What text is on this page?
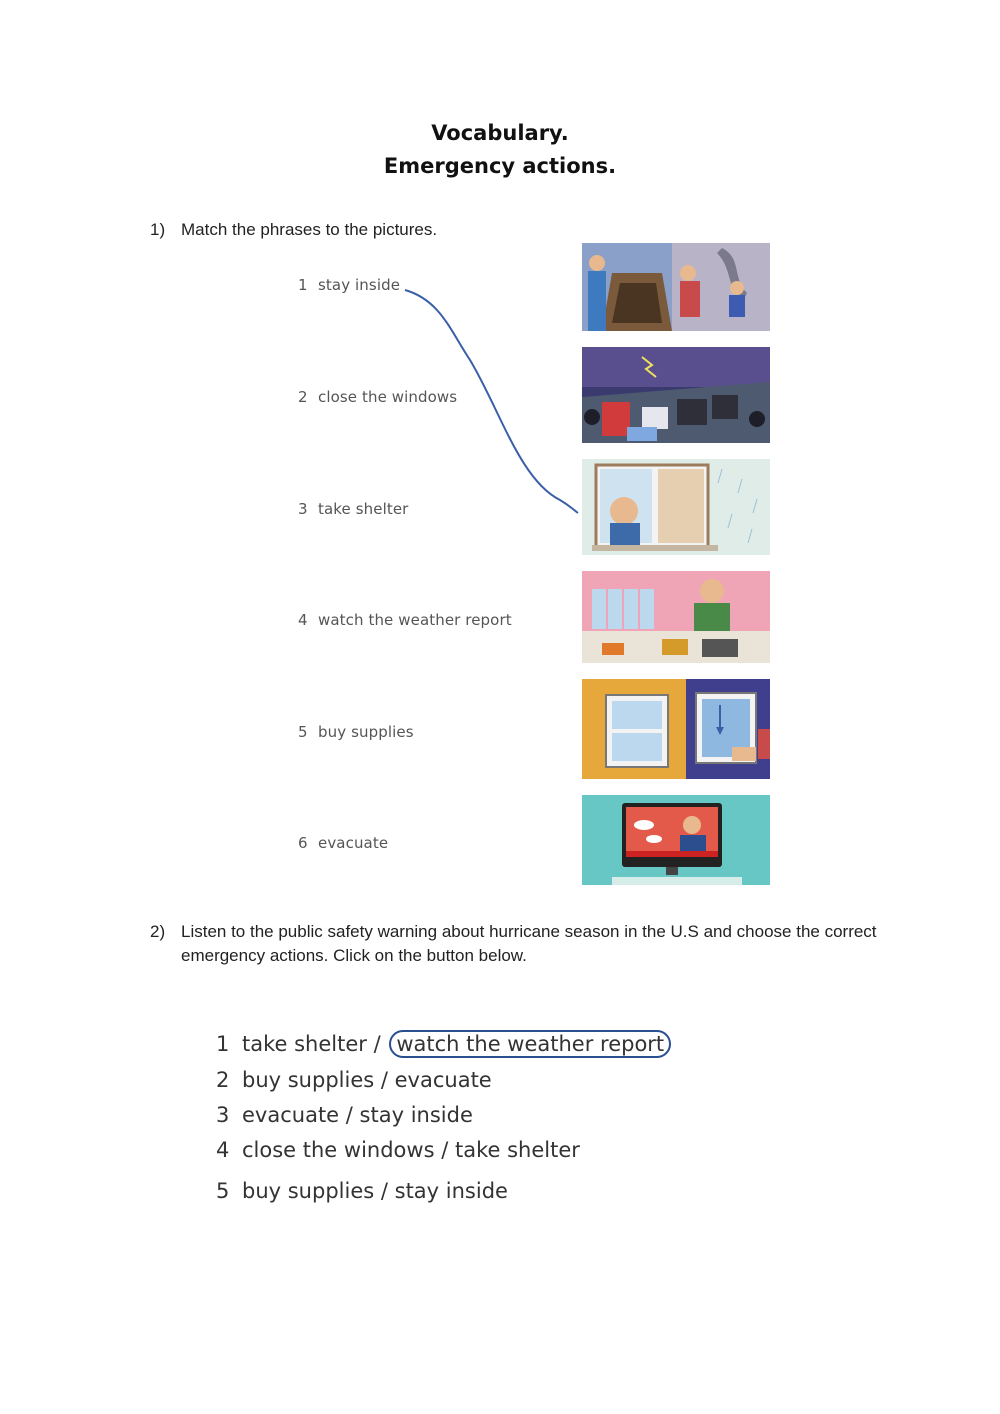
Vocabulary.
Emergency actions.
1) Match the phrases to the pictures.
1 stay inside
2 close the windows
3 take shelter
4 watch the weather report
5 buy supplies
6 evacuate
2) Listen to the public safety warning about hurricane season in the U.S and choose the correct emergency actions. Click on the button below.
1 take shelter / watch the weather report
2 buy supplies / evacuate
3 evacuate / stay inside
4 close the windows / take shelter
5 buy supplies / stay inside
